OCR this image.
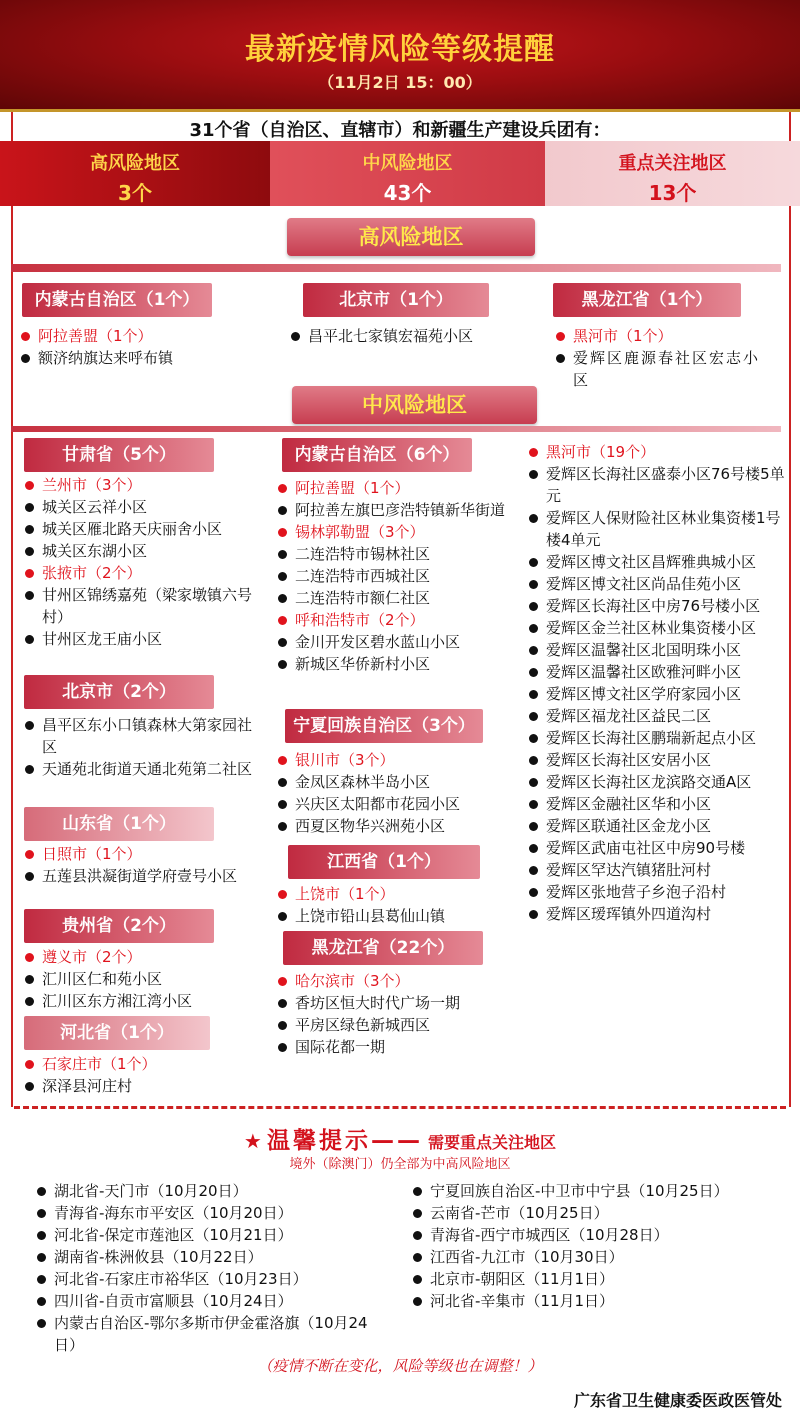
最新疫情风险等级提醒
（11月2日 15：00）
31个省（自治区、直辖市）和新疆生产建设兵团有：
高风险地区
3个
中风险地区
43个
重点关注地区
13个
高风险地区
内蒙古自治区（1个）
阿拉善盟（1个）
额济纳旗达来呼布镇
北京市（1个）
昌平北七家镇宏福苑小区
黑龙江省（1个）
黑河市（1个）
爱辉区鹿源春社区宏志小区
中风险地区
甘肃省（5个）
兰州市（3个）
城关区云祥小区
城关区雁北路天庆丽舍小区
城关区东湖小区
张掖市（2个）
甘州区锦绣嘉苑（梁家墩镇六号村）
甘州区龙王庙小区
北京市（2个）
昌平区东小口镇森林大第家园社区
天通苑北街道天通北苑第二社区
山东省（1个）
日照市（1个）
五莲县洪凝街道学府壹号小区
贵州省（2个）
遵义市（2个）
汇川区仁和苑小区
汇川区东方湘江湾小区
河北省（1个）
石家庄市（1个）
深泽县河庄村
内蒙古自治区（6个）
阿拉善盟（1个）
阿拉善左旗巴彦浩特镇新华街道
锡林郭勒盟（3个）
二连浩特市锡林社区
二连浩特市西城社区
二连浩特市额仁社区
呼和浩特市（2个）
金川开发区碧水蓝山小区
新城区华侨新村小区
宁夏回族自治区（3个）
银川市（3个）
金凤区森林半岛小区
兴庆区太阳都市花园小区
西夏区物华兴洲苑小区
江西省（1个）
上饶市（1个）
上饶市铅山县葛仙山镇
黑龙江省（22个）
哈尔滨市（3个）
香坊区恒大时代广场一期
平房区绿色新城西区
国际花都一期
黑河市（19个）
爱辉区长海社区盛泰小区76号楼5单元
爱辉区人保财险社区林业集资楼1号楼4单元
爱辉区博文社区昌辉雅典城小区
爱辉区博文社区尚品佳苑小区
爱辉区长海社区中房76号楼小区
爱辉区金兰社区林业集资楼小区
爱辉区温馨社区北国明珠小区
爱辉区温馨社区欧雅河畔小区
爱辉区博文社区学府家园小区
爱辉区福龙社区益民二区
爱辉区长海社区鹏瑞新起点小区
爱辉区长海社区安居小区
爱辉区长海社区龙滨路交通A区
爱辉区金融社区华和小区
爱辉区联通社区金龙小区
爱辉区武庙屯社区中房90号楼
爱辉区罕达汽镇猪肚河村
爱辉区张地营子乡泡子沿村
爱辉区瑷珲镇外四道沟村
★ 温馨提示—— 需要重点关注地区
境外（除澳门）仍全部为中高风险地区
湖北省-天门市（10月20日）
青海省-海东市平安区（10月20日）
河北省-保定市莲池区（10月21日）
湖南省-株洲攸县（10月22日）
河北省-石家庄市裕华区（10月23日）
四川省-自贡市富顺县（10月24日）
内蒙古自治区-鄂尔多斯市伊金霍洛旗（10月24日）
宁夏回族自治区-中卫市中宁县（10月25日）
云南省-芒市（10月25日）
青海省-西宁市城西区（10月28日）
江西省-九江市（10月30日）
北京市-朝阳区（11月1日）
河北省-辛集市（11月1日）
（疫情不断在变化，风险等级也在调整！）
广东省卫生健康委医政医管处
